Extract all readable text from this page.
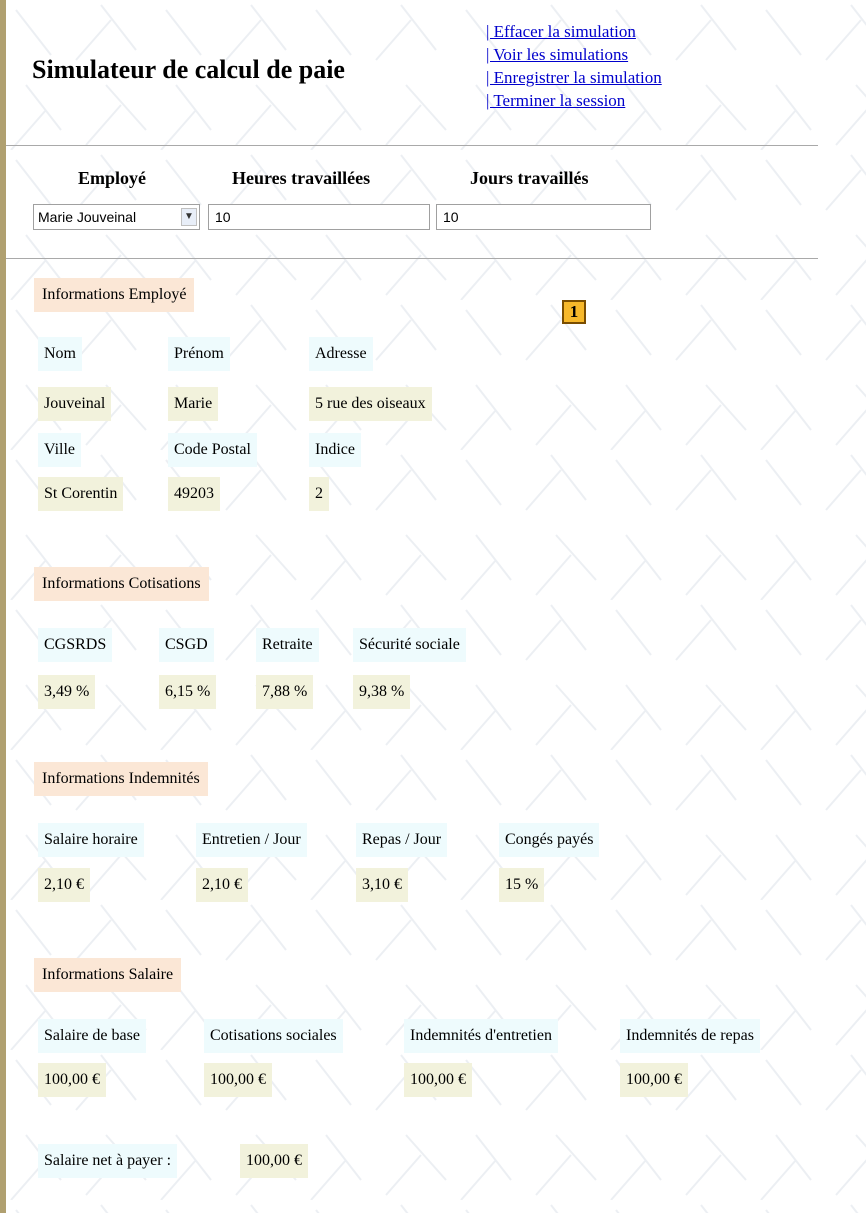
Simulateur de calcul de paie
| Effacer la simulation
| Voir les simulations
| Enregistrer la simulation
| Terminer la session
Employé	Heures travaillées	Jours travaillés
Marie Jouveinal	▼	10	10
Informations Employé
1
Nom	Prénom	Adresse
Jouveinal	Marie	5 rue des oiseaux
Ville	Code Postal	Indice
St Corentin	49203	2
Informations Cotisations
CGSRDS	CSGD	Retraite	Sécurité sociale
3,49 %	6,15 %	7,88 %	9,38 %
Informations Indemnités
Salaire horaire	Entretien / Jour	Repas / Jour	Congés payés
2,10 €	2,10 €	3,10 €	15 %
Informations Salaire
Salaire de base	Cotisations sociales	Indemnités d'entretien	Indemnités de repas
100,00 €	100,00 €	100,00 €	100,00 €
Salaire net à payer :	100,00 €
